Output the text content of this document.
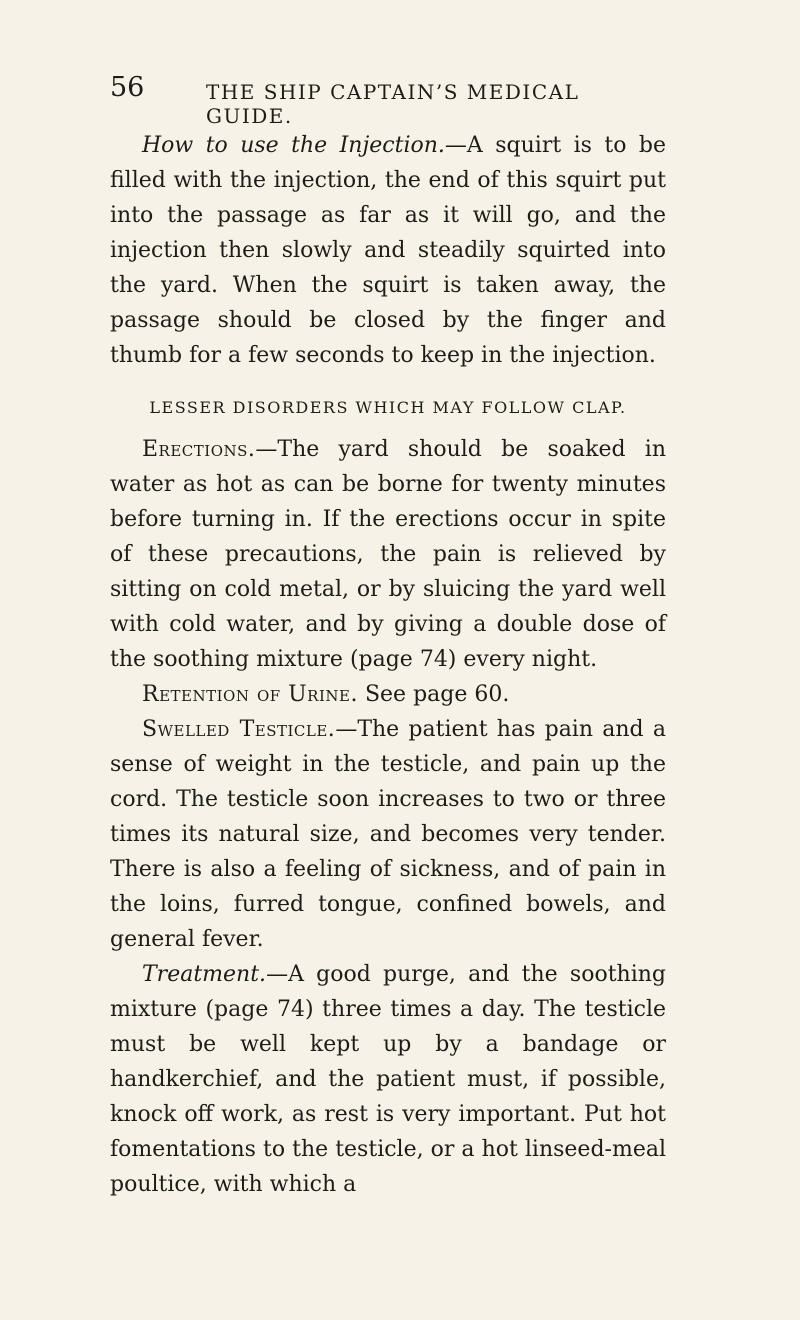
56	THE SHIP CAPTAIN’S MEDICAL GUIDE.

How to use the Injection.—A squirt is to be filled with the injection, the end of this squirt put into the passage as far as it will go, and the injection then slowly and steadily squirted into the yard. When the squirt is taken away, the passage should be closed by the finger and thumb for a few seconds to keep in the injection.

LESSER DISORDERS WHICH MAY FOLLOW CLAP.

Erections.—The yard should be soaked in water as hot as can be borne for twenty minutes before turning in. If the erections occur in spite of these precautions, the pain is relieved by sitting on cold metal, or by sluicing the yard well with cold water, and by giving a double dose of the soothing mixture (page 74) every night.

Retention of Urine. See page 60.

Swelled Testicle.—The patient has pain and a sense of weight in the testicle, and pain up the cord. The testicle soon increases to two or three times its natural size, and becomes very tender. There is also a feeling of sickness, and of pain in the loins, furred tongue, confined bowels, and general fever.

Treatment.—A good purge, and the soothing mixture (page 74) three times a day. The testicle must be well kept up by a bandage or handkerchief, and the patient must, if possible, knock off work, as rest is very important. Put hot fomentations to the testicle, or a hot linseed-meal poultice, with which a
